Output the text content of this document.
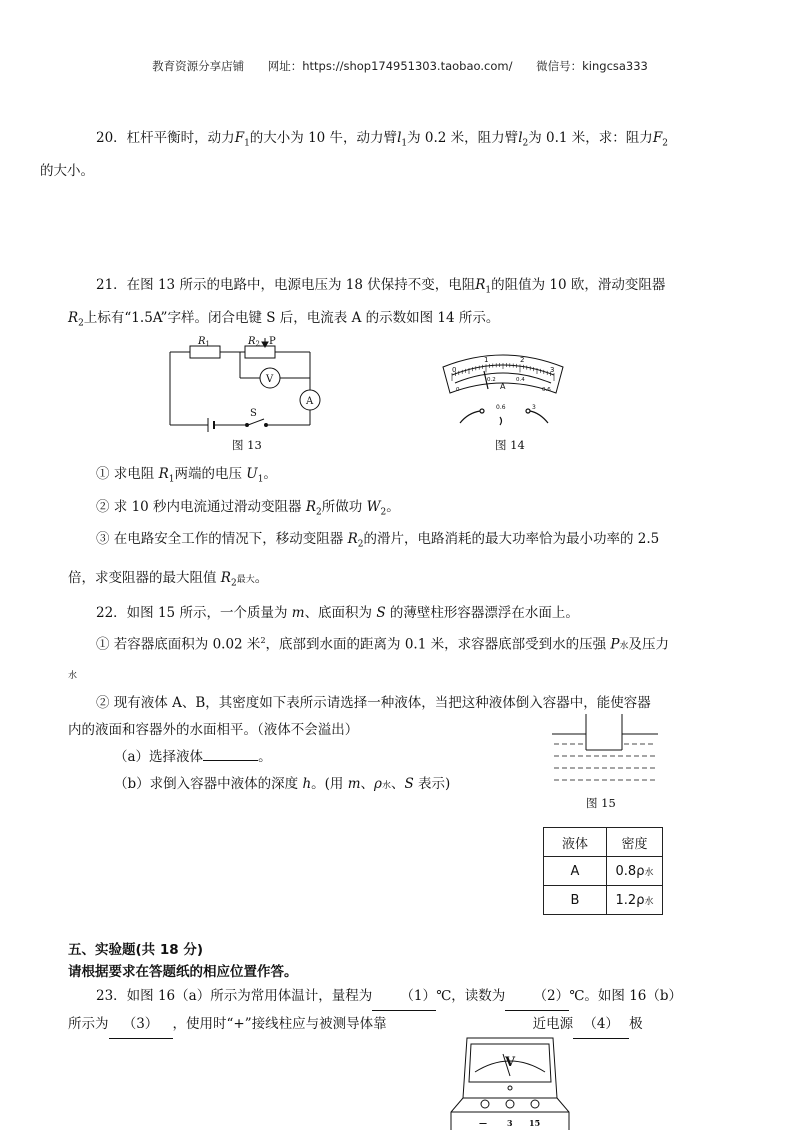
教育资源分享店铺 网址：https://shop174951303.taobao.com/ 微信号：kingcsa333
20．杠杆平衡时，动力$F_1$的大小为 10 牛，动力臂$l_1$为 0.2 米，阻力臂$l_2$为 0.1 米，求：阻力$F_2$
的大小。
21．在图 13 所示的电路中，电源电压为 18 伏保持不变，电阻$R_1$的阻值为 10 欧，滑动变阻器
$R_2$上标有“1.5A”字样。闭合电键 S 后，电流表 A 的示数如图 14 所示。
$R_1$	$R_2$ P
V
A
S
图 13
0
1	2
3
0
0.2	0.4
0.6
A
0.6	3
图 14
① 求电阻 $R_1$两端的电压 $U_1$。
② 求 10 秒内电流通过滑动变阻器 $R_2$所做功 $W_2$。
③ 在电路安全工作的情况下，移动变阻器 $R_2$的滑片，电路消耗的最大功率恰为最小功率的 2.5
倍，求变阻器的最大阻值 $R_2$最大。
22．如图 15 所示，一个质量为 m、底面积为 S 的薄壁柱形容器漂浮在水面上。
① 若容器底面积为 0.02 米$^2$，底部到水面的距离为 0.1 米，求容器底部受到水的压强 P水及压力
水
② 现有液体 A、B，其密度如下表所示请选择一种液体，当把这种液体倒入容器中，能使容器
内的液面和容器外的水面相平。（液体不会溢出）
（a）选择液体	。
（b）求倒入容器中液体的深度 h。(用 m、ρ水、S 表示)
图 15
液体	密度
A	0.8ρ水
B	1.2ρ水
五、实验题(共 18 分)
请根据要求在答题纸的相应位置作答。
23．如图 16（a）所示为常用体温计，量程为 （1）℃，读数为 （2）℃。如图 16（b）
所示为 （3） ，使用时“+”接线柱应与被测导体靠	近电源 （4） 极
V
—	3 15
